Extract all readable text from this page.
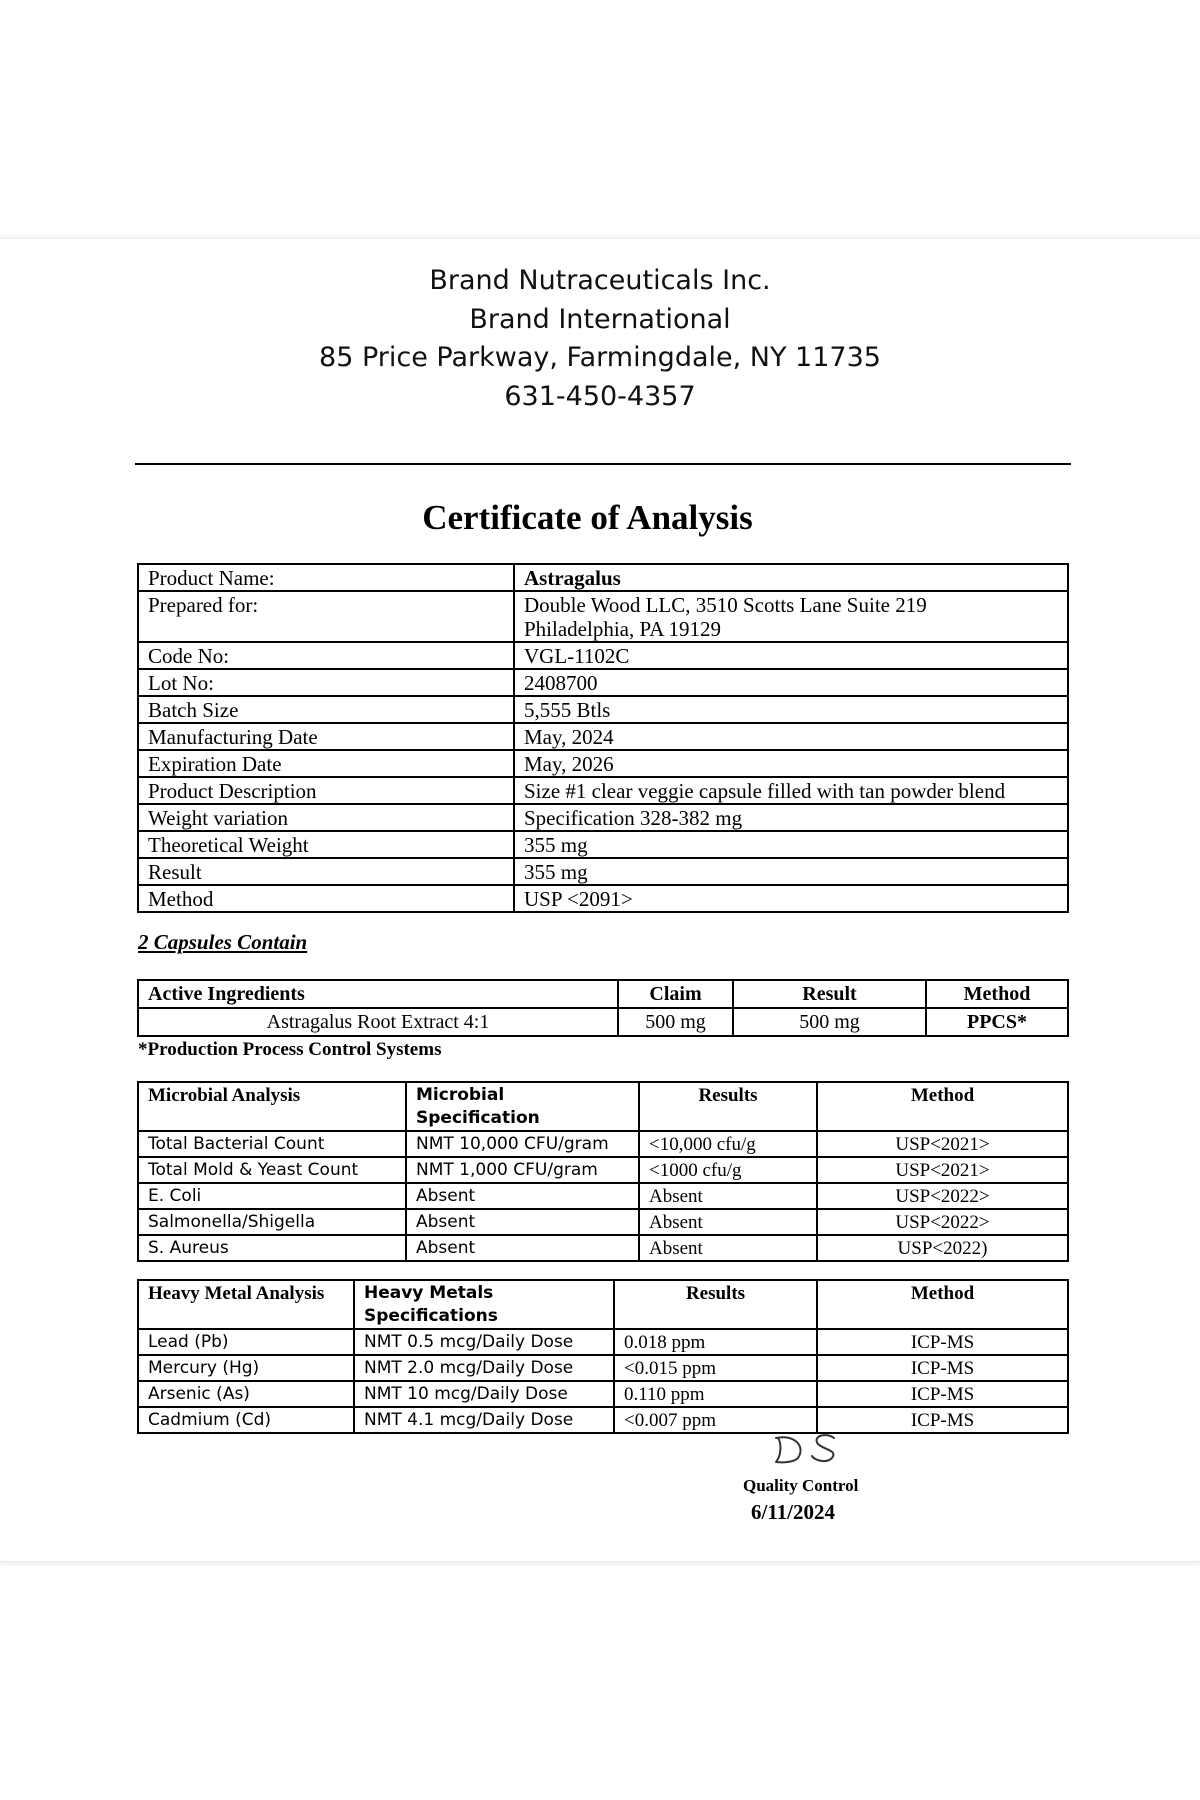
Brand Nutraceuticals Inc.
Brand International
85 Price Parkway, Farmingdale, NY 11735
631-450-4357
Certificate of Analysis
Product Name:	Astragalus

Prepared for:	Double Wood LLC, 3510 Scotts Lane Suite 219
Philadelphia, PA 19129

Code No:	VGL-1102C

Lot No:	2408700

Batch Size	5,555 Btls

Manufacturing Date	May, 2024

Expiration Date	May, 2026

Product Description	Size #1 clear veggie capsule filled with tan powder blend

Weight variation	Specification 328-382 mg

Theoretical Weight	355 mg

Result	355 mg

Method	USP <2091>
2 Capsules Contain
Active Ingredients	Claim	Result	Method
Astragalus Root Extract 4:1	500 mg	500 mg	PPCS*
*Production Process Control Systems
Microbial Analysis	Microbial Specification	Results	Method
Total Bacterial Count	NMT 10,000 CFU/gram	<10,000 cfu/g	USP<2021>
Total Mold & Yeast Count	NMT 1,000 CFU/gram	<1000 cfu/g	USP<2021>
E. Coli	Absent	Absent	USP<2022>
Salmonella/Shigella	Absent	Absent	USP<2022>
S. Aureus	Absent	Absent	USP<2022)
Heavy Metal Analysis	Heavy Metals Specifications	Results	Method
Lead (Pb)	NMT 0.5 mcg/Daily Dose	0.018 ppm	ICP-MS
Mercury (Hg)	NMT 2.0 mcg/Daily Dose	<0.015 ppm	ICP-MS
Arsenic (As)	NMT 10 mcg/Daily Dose	0.110 ppm	ICP-MS
Cadmium (Cd)	NMT 4.1 mcg/Daily Dose	<0.007 ppm	ICP-MS
Quality Control
6/11/2024
